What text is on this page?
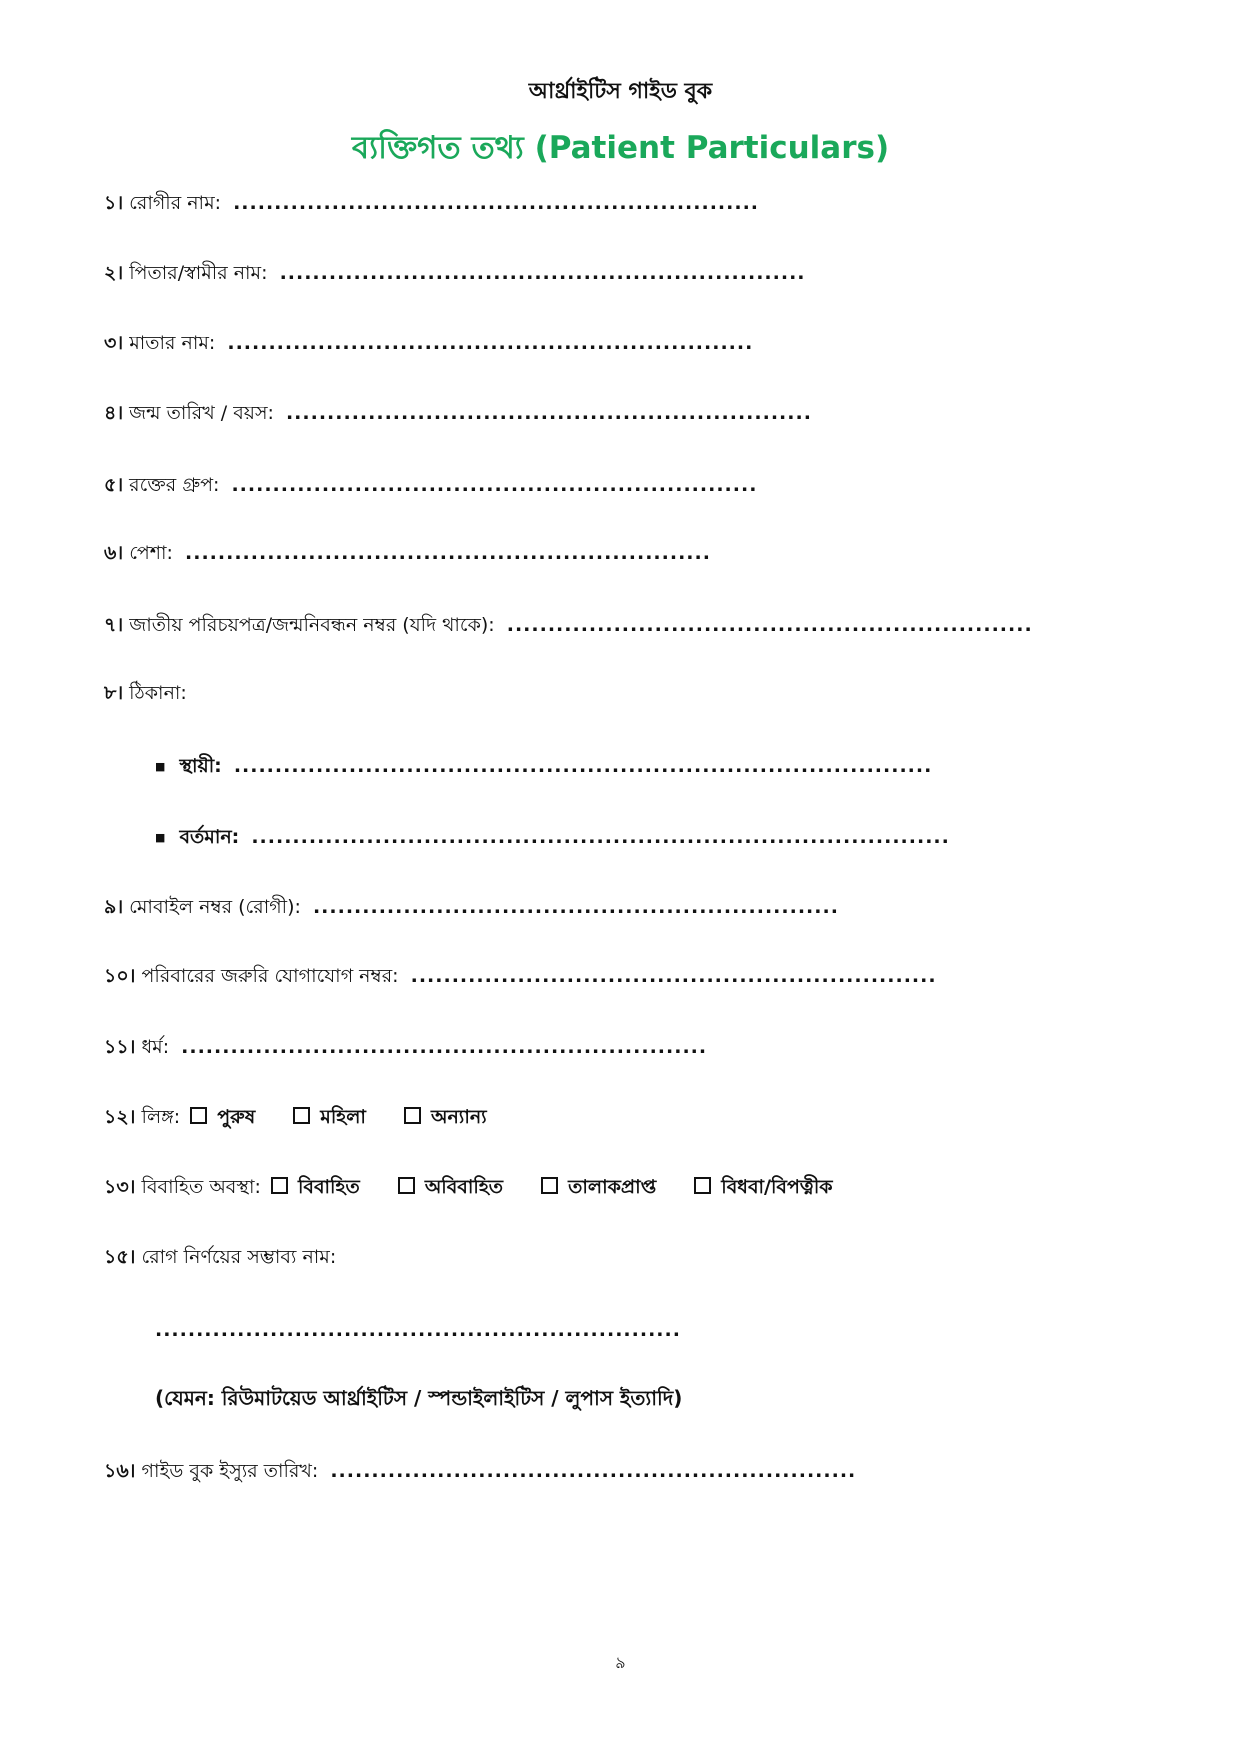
আর্থ্রাইটিস গাইড বুক
ব্যক্তিগত তথ্য (Patient Particulars)
১। রোগীর নাম: ................................................................
২। পিতার/স্বামীর নাম: ................................................................
৩। মাতার নাম: ................................................................
৪। জন্ম তারিখ / বয়স: ................................................................
৫। রক্তের গ্রুপ: ................................................................
৬। পেশা: ................................................................
৭। জাতীয় পরিচয়পত্র/জন্মনিবন্ধন নম্বর (যদি থাকে): ................................................................
৮। ঠিকানা:
■ স্থায়ী: .....................................................................................
■ বর্তমান: .....................................................................................
৯। মোবাইল নম্বর (রোগী): ................................................................
১০। পরিবারের জরুরি যোগাযোগ নম্বর: ................................................................
১১। ধর্ম: ................................................................
১২। লিঙ্গ: পুরুষ	মহিলা	অন্যান্য
১৩। বিবাহিত অবস্থা: বিবাহিত	অবিবাহিত	তালাকপ্রাপ্ত	বিধবা/বিপত্নীক
১৫। রোগ নির্ণয়ের সম্ভাব্য নাম:
................................................................
(যেমন: রিউমাটয়েড আর্থ্রাইটিস / স্পন্ডাইলাইটিস / লুপাস ইত্যাদি)
১৬। গাইড বুক ইস্যুর তারিখ: ................................................................
৯
